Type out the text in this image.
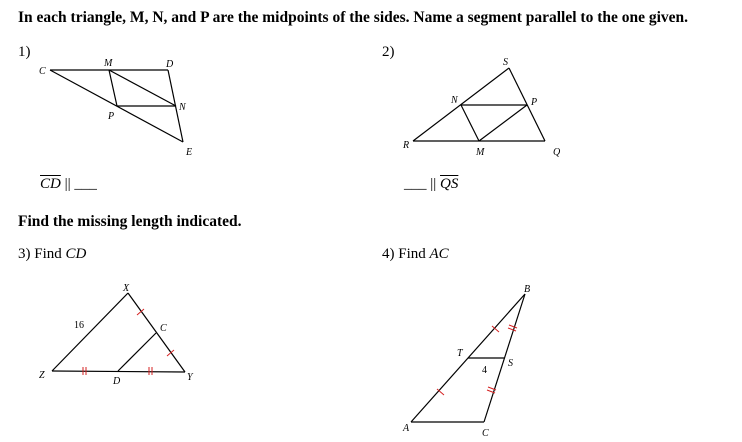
In each triangle, M, N, and P are the midpoints of the sides. Name a segment parallel to the one given.
1)	2)
$\overline{CD}$ || ___	___ || $\overline{QS}$
Find the missing length indicated.
3) Find CD	4) Find AC
C
M	D
N
P
E
S
N	P
R
M	Q
X
C
Z
D	Y
16
B
T
S
4
A	C
